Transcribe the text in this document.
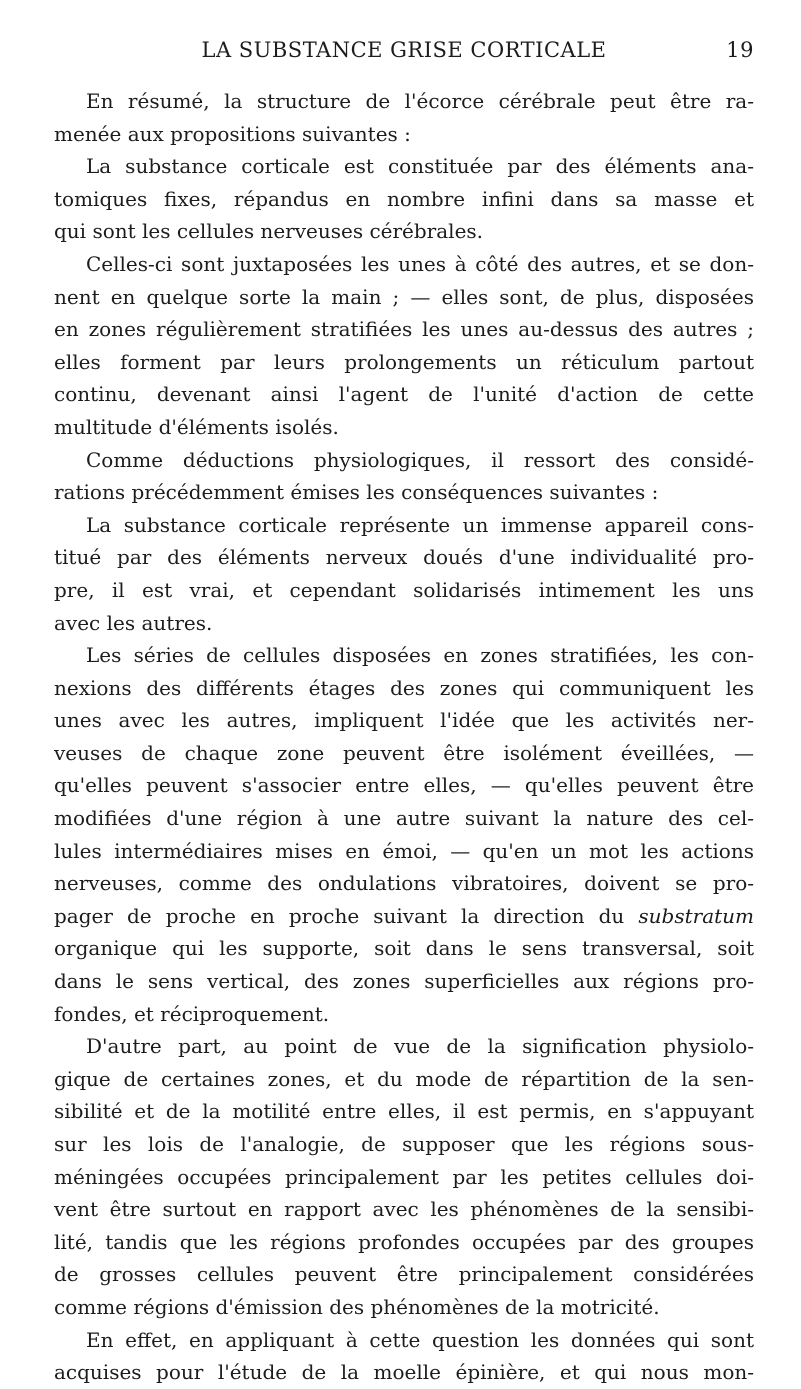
LA SUBSTANCE GRISE CORTICALE	19
En résumé, la structure de l'écorce cérébrale peut être ra-
menée aux propositions suivantes :
La substance corticale est constituée par des éléments ana-
tomiques fixes, répandus en nombre infini dans sa masse et
qui sont les cellules nerveuses cérébrales.
Celles-ci sont juxtaposées les unes à côté des autres, et se don-
nent en quelque sorte la main ; — elles sont, de plus, disposées
en zones régulièrement stratifiées les unes au-dessus des autres ;
elles forment par leurs prolongements un réticulum partout
continu, devenant ainsi l'agent de l'unité d'action de cette
multitude d'éléments isolés.
Comme déductions physiologiques, il ressort des considé-
rations précédemment émises les conséquences suivantes :
La substance corticale représente un immense appareil cons-
titué par des éléments nerveux doués d'une individualité pro-
pre, il est vrai, et cependant solidarisés intimement les uns
avec les autres.
Les séries de cellules disposées en zones stratifiées, les con-
nexions des différents étages des zones qui communiquent les
unes avec les autres, impliquent l'idée que les activités ner-
veuses de chaque zone peuvent être isolément éveillées, —
qu'elles peuvent s'associer entre elles, — qu'elles peuvent être
modifiées d'une région à une autre suivant la nature des cel-
lules intermédiaires mises en émoi, — qu'en un mot les actions
nerveuses, comme des ondulations vibratoires, doivent se pro-
pager de proche en proche suivant la direction du substratum
organique qui les supporte, soit dans le sens transversal, soit
dans le sens vertical, des zones superficielles aux régions pro-
fondes, et réciproquement.
D'autre part, au point de vue de la signification physiolo-
gique de certaines zones, et du mode de répartition de la sen-
sibilité et de la motilité entre elles, il est permis, en s'appuyant
sur les lois de l'analogie, de supposer que les régions sous-
méningées occupées principalement par les petites cellules doi-
vent être surtout en rapport avec les phénomènes de la sensibi-
lité, tandis que les régions profondes occupées par des groupes
de grosses cellules peuvent être principalement considérées
comme régions d'émission des phénomènes de la motricité.
En effet, en appliquant à cette question les données qui sont
acquises pour l'étude de la moelle épinière, et qui nous mon-
